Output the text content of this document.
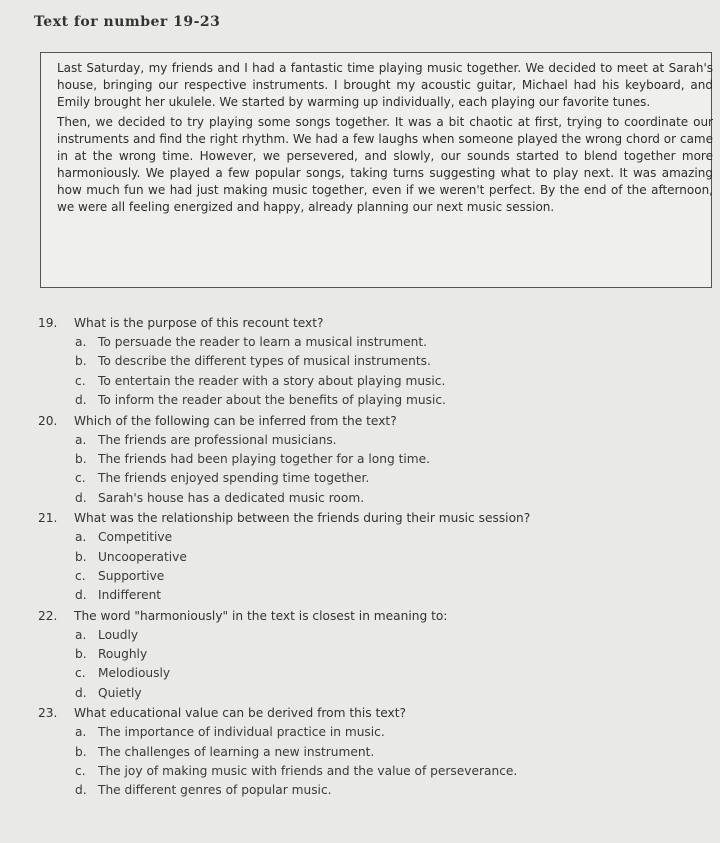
Text for number 19-23

Last Saturday, my friends and I had a fantastic time playing music together. We decided to meet at Sarah's house, bringing our respective instruments. I brought my acoustic guitar, Michael had his keyboard, and Emily brought her ukulele. We started by warming up individually, each playing our favorite tunes.

Then, we decided to try playing some songs together. It was a bit chaotic at first, trying to coordinate our instruments and find the right rhythm. We had a few laughs when someone played the wrong chord or came in at the wrong time. However, we persevered, and slowly, our sounds started to blend together more harmoniously. We played a few popular songs, taking turns suggesting what to play next. It was amazing how much fun we had just making music together, even if we weren't perfect. By the end of the afternoon, we were all feeling energized and happy, already planning our next music session.

19.	What is the purpose of this recount text?
a. To persuade the reader to learn a musical instrument.
b. To describe the different types of musical instruments.
c.	To entertain the reader with a story about playing music.
d. To inform the reader about the benefits of playing music.
20.	Which of the following can be inferred from the text?
a. The friends are professional musicians.
b. The friends had been playing together for a long time.
c.	The friends enjoyed spending time together.
d. Sarah's house has a dedicated music room.
21.	What was the relationship between the friends during their music session?
a. Competitive
b. Uncooperative
c.	Supportive
d. Indifferent
22.	The word "harmoniously" in the text is closest in meaning to:
a. Loudly
b. Roughly
c.	Melodiously
d. Quietly
23.	What educational value can be derived from this text?
a. The importance of individual practice in music.
b. The challenges of learning a new instrument.
c.	The joy of making music with friends and the value of perseverance.
d. The different genres of popular music.
